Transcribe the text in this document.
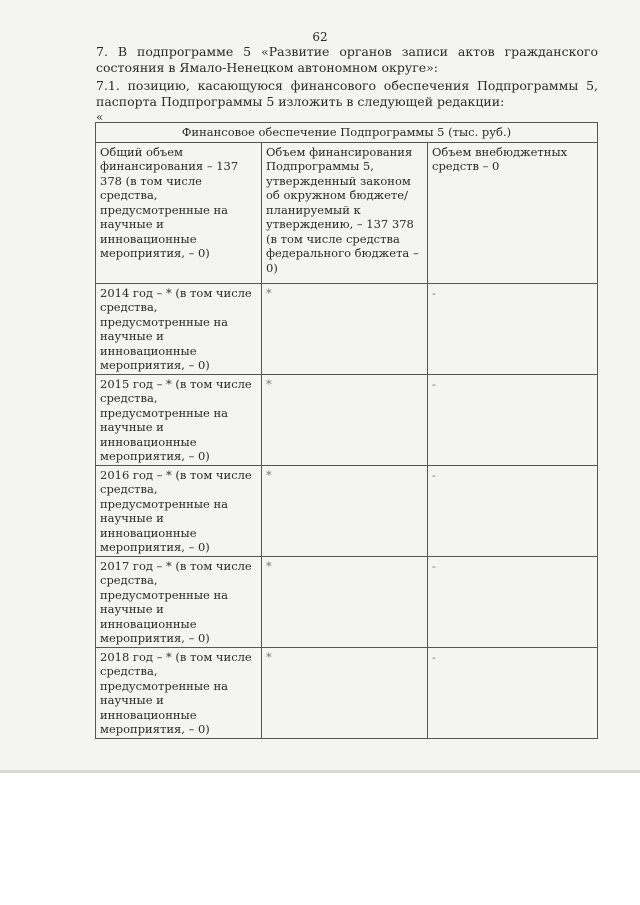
62
7. В подпрограмме 5 «Развитие органов записи актов гражданского состояния в Ямало-Ненецком автономном округе»:
7.1. позицию, касающуюся финансового обеспечения Подпрограммы 5, паспорта Подпрограммы 5 изложить в следующей редакции:
«
Финансовое обеспечение Подпрограммы 5 (тыс. руб.)		
Общий объем финансирования – 137 378 (в том числе средства, предусмотренные на научные и инновационные мероприятия, – 0)	Объем финансирования Подпрограммы 5, утвержденный законом об окружном бюджете/ планируемый к утверждению, – 137 378 (в том числе средства федерального бюджета – 0)	Объем внебюджетных средств – 0
2014 год – * (в том числе средства, предусмотренные на научные и инновационные мероприятия, – 0)	*	-
2015 год – * (в том числе средства, предусмотренные на научные и инновационные мероприятия, – 0)	*	-
2016 год – * (в том числе средства, предусмотренные на научные и инновационные мероприятия, – 0)	*	-
2017 год – * (в том числе средства, предусмотренные на научные и инновационные мероприятия, – 0)	*	-
2018 год – * (в том числе средства, предусмотренные на научные и инновационные мероприятия, – 0)	*	-
